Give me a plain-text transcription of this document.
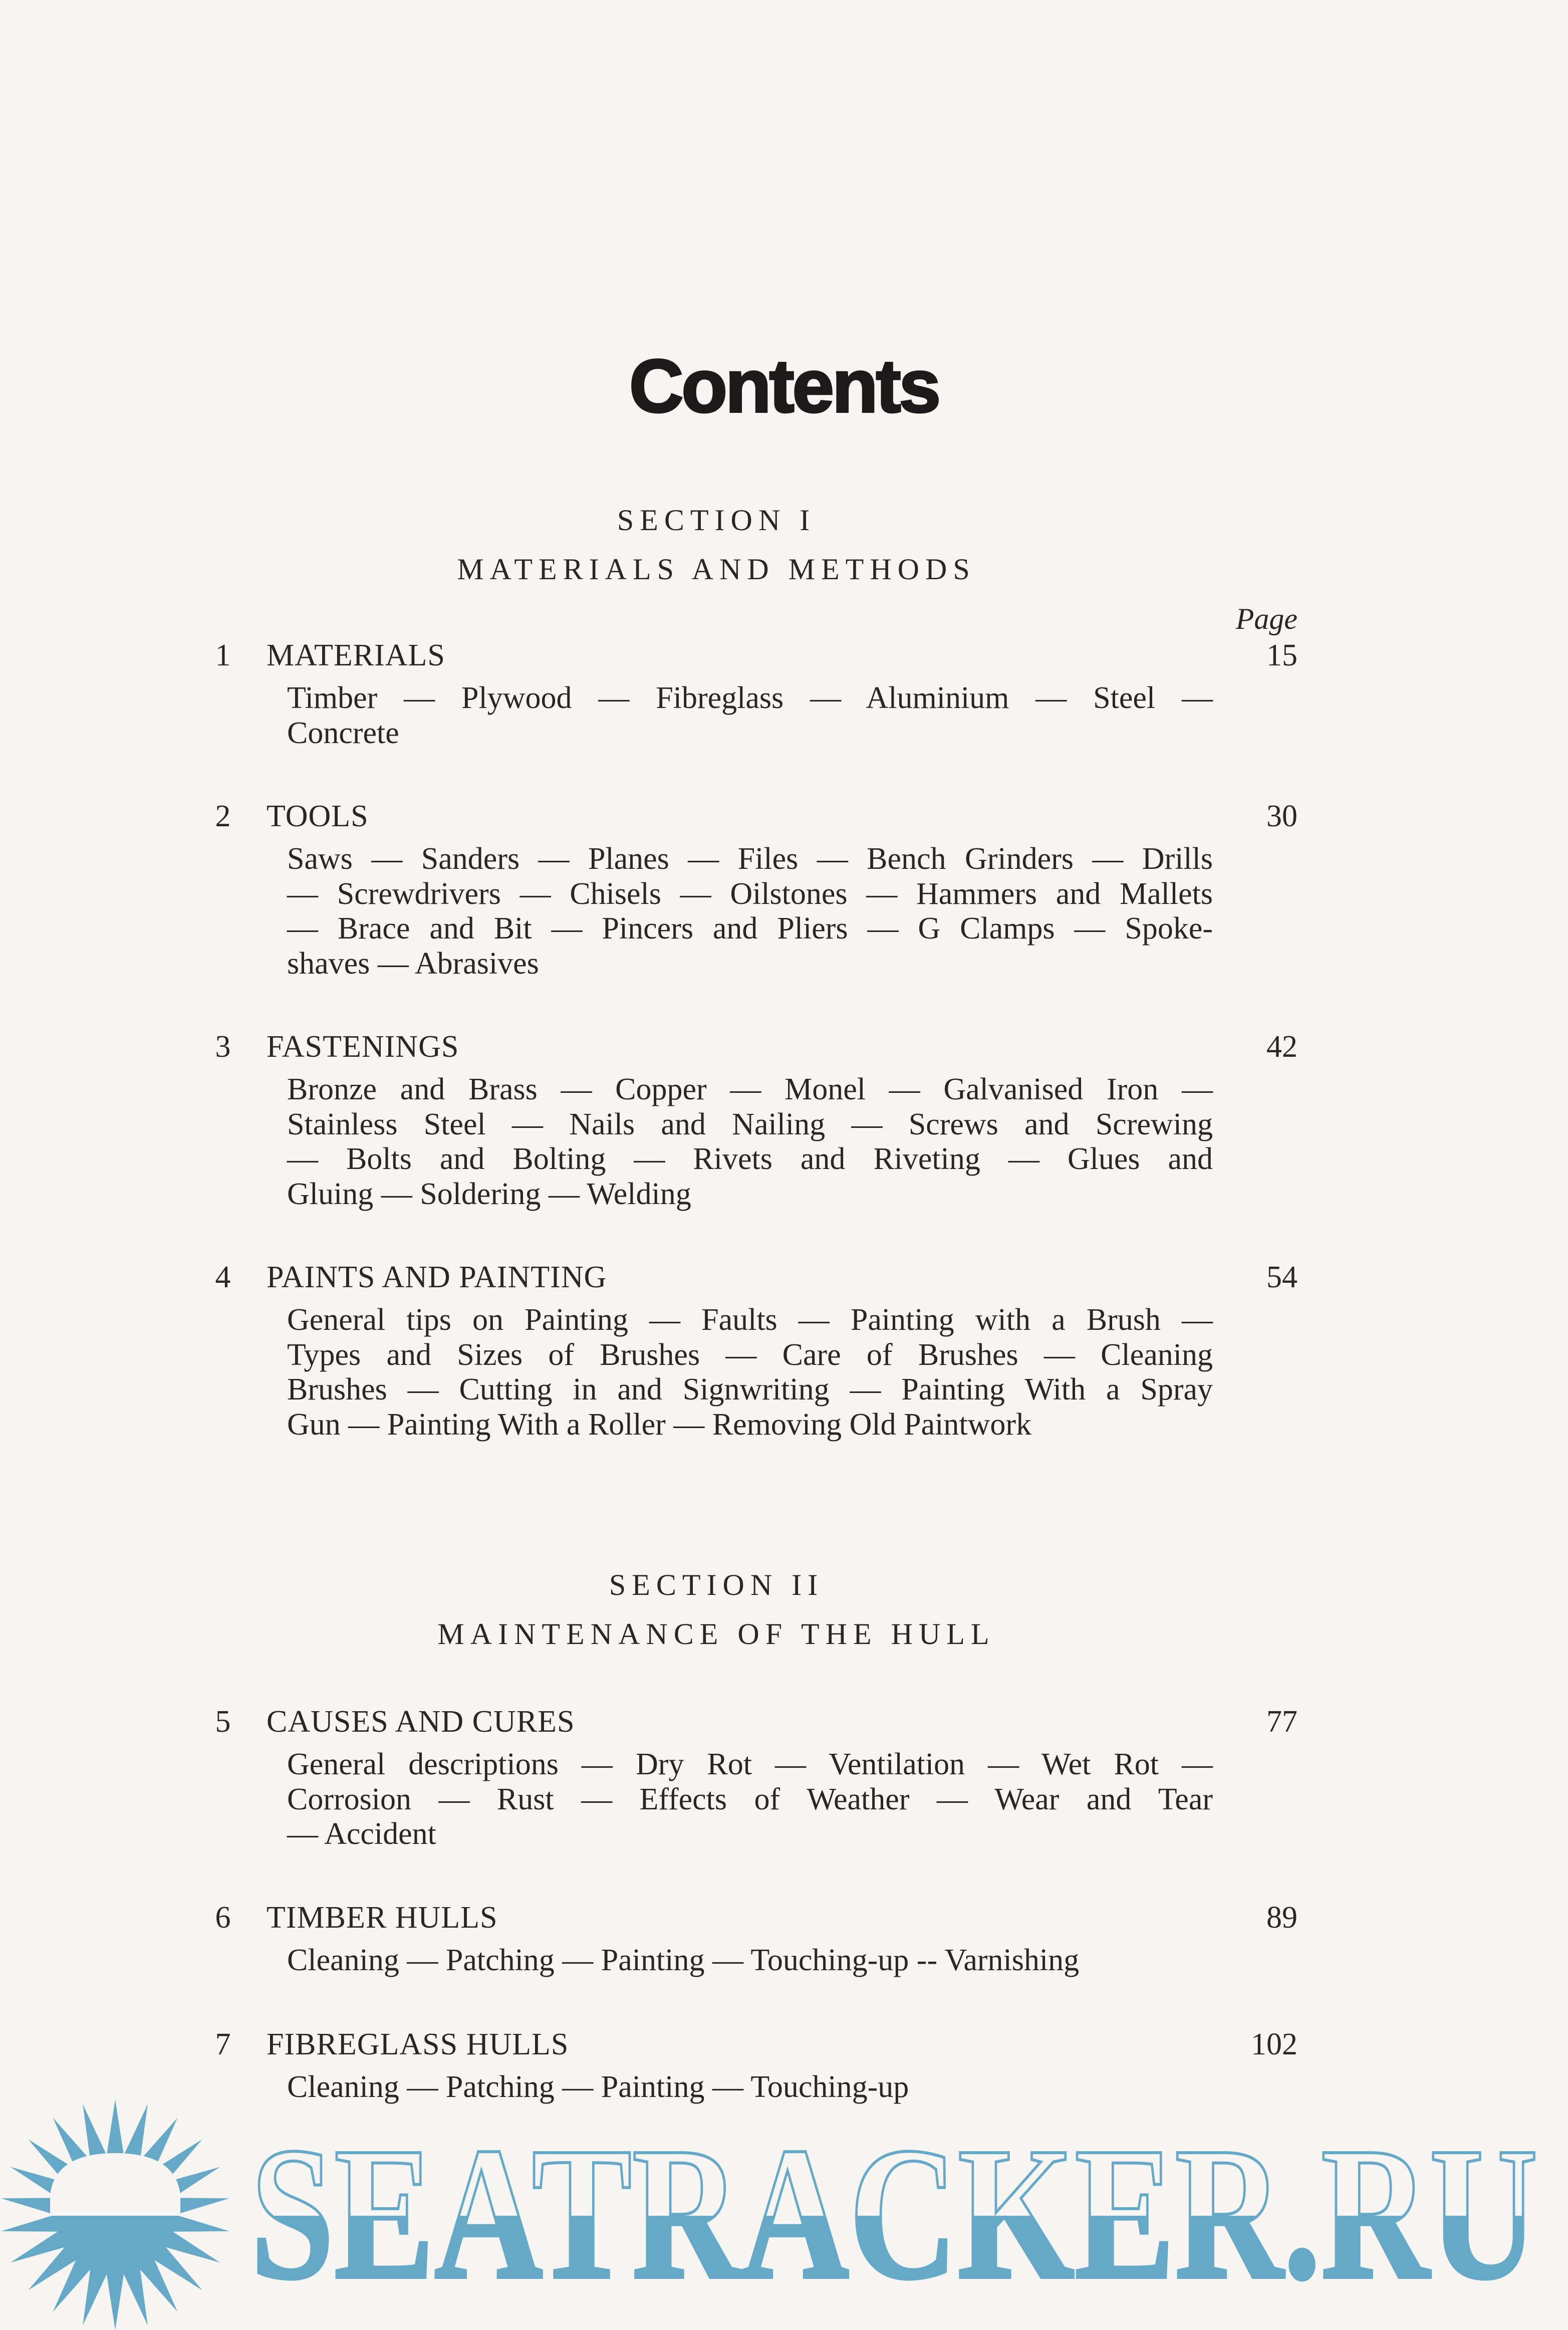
Contents
SECTION I
MATERIALS AND METHODS
Page
SECTION II
MAINTENANCE OF THE HULL
1 MATERIALS	15
Timber — Plywood — Fibreglass — Aluminium — Steel —
Concrete
2 TOOLS	30
Saws — Sanders — Planes — Files — Bench Grinders — Drills
— Screwdrivers — Chisels — Oilstones — Hammers and Mallets
— Brace and Bit — Pincers and Pliers — G Clamps — Spoke-
shaves — Abrasives
3 FASTENINGS	42
Bronze and Brass — Copper — Monel — Galvanised Iron —
Stainless Steel — Nails and Nailing — Screws and Screwing
— Bolts and Bolting — Rivets and Riveting — Glues and
Gluing — Soldering — Welding
4 PAINTS AND PAINTING	54
General tips on Painting — Faults — Painting with a Brush —
Types and Sizes of Brushes — Care of Brushes — Cleaning
Brushes — Cutting in and Signwriting — Painting With a Spray
Gun — Painting With a Roller — Removing Old Paintwork
5 CAUSES AND CURES	77
General descriptions — Dry Rot — Ventilation — Wet Rot —
Corrosion — Rust — Effects of Weather — Wear and Tear
— Accident
6 TIMBER HULLS	89
Cleaning — Patching — Painting — Touching-up -- Varnishing
7 FIBREGLASS HULLS	102
Cleaning — Patching — Painting — Touching-up
SEATRACKER.RU
